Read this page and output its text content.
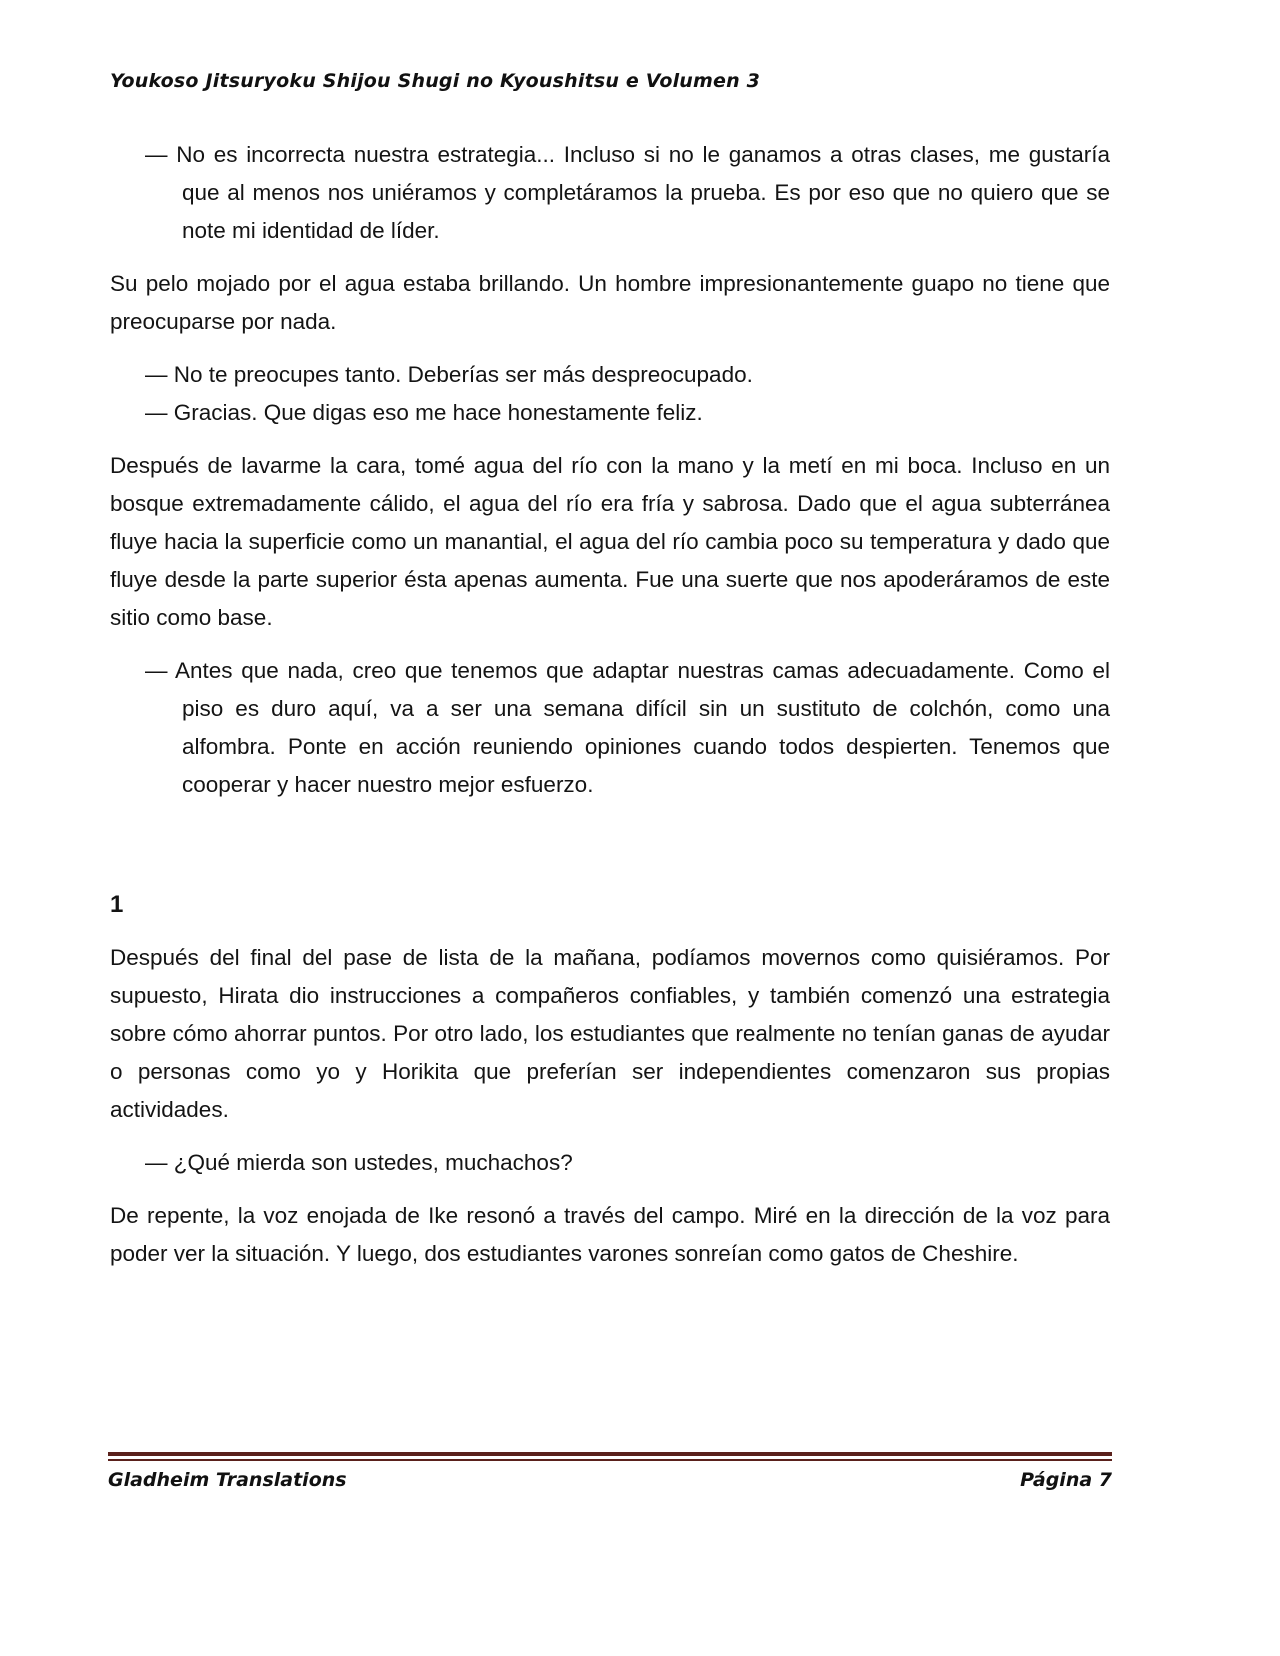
Youkoso Jitsuryoku Shijou Shugi no Kyoushitsu e Volumen 3

— No es incorrecta nuestra estrategia... Incluso si no le ganamos a otras clases, me gustaría que al menos nos uniéramos y completáramos la prueba. Es por eso que no quiero que se note mi identidad de líder.

Su pelo mojado por el agua estaba brillando. Un hombre impresionantemente guapo no tiene que preocuparse por nada.

— No te preocupes tanto. Deberías ser más despreocupado.

— Gracias. Que digas eso me hace honestamente feliz.

Después de lavarme la cara, tomé agua del río con la mano y la metí en mi boca. Incluso en un bosque extremadamente cálido, el agua del río era fría y sabrosa. Dado que el agua subterránea fluye hacia la superficie como un manantial, el agua del río cambia poco su temperatura y dado que fluye desde la parte superior ésta apenas aumenta. Fue una suerte que nos apoderáramos de este sitio como base.

— Antes que nada, creo que tenemos que adaptar nuestras camas adecuadamente. Como el piso es duro aquí, va a ser una semana difícil sin un sustituto de colchón, como una alfombra. Ponte en acción reuniendo opiniones cuando todos despierten. Tenemos que cooperar y hacer nuestro mejor esfuerzo.

1

Después del final del pase de lista de la mañana, podíamos movernos como quisiéramos. Por supuesto, Hirata dio instrucciones a compañeros confiables, y también comenzó una estrategia sobre cómo ahorrar puntos. Por otro lado, los estudiantes que realmente no tenían ganas de ayudar o personas como yo y Horikita que preferían ser independientes comenzaron sus propias actividades.

— ¿Qué mierda son ustedes, muchachos?

De repente, la voz enojada de Ike resonó a través del campo. Miré en la dirección de la voz para poder ver la situación. Y luego, dos estudiantes varones sonreían como gatos de Cheshire.

Gladheim Translations	Página 7
